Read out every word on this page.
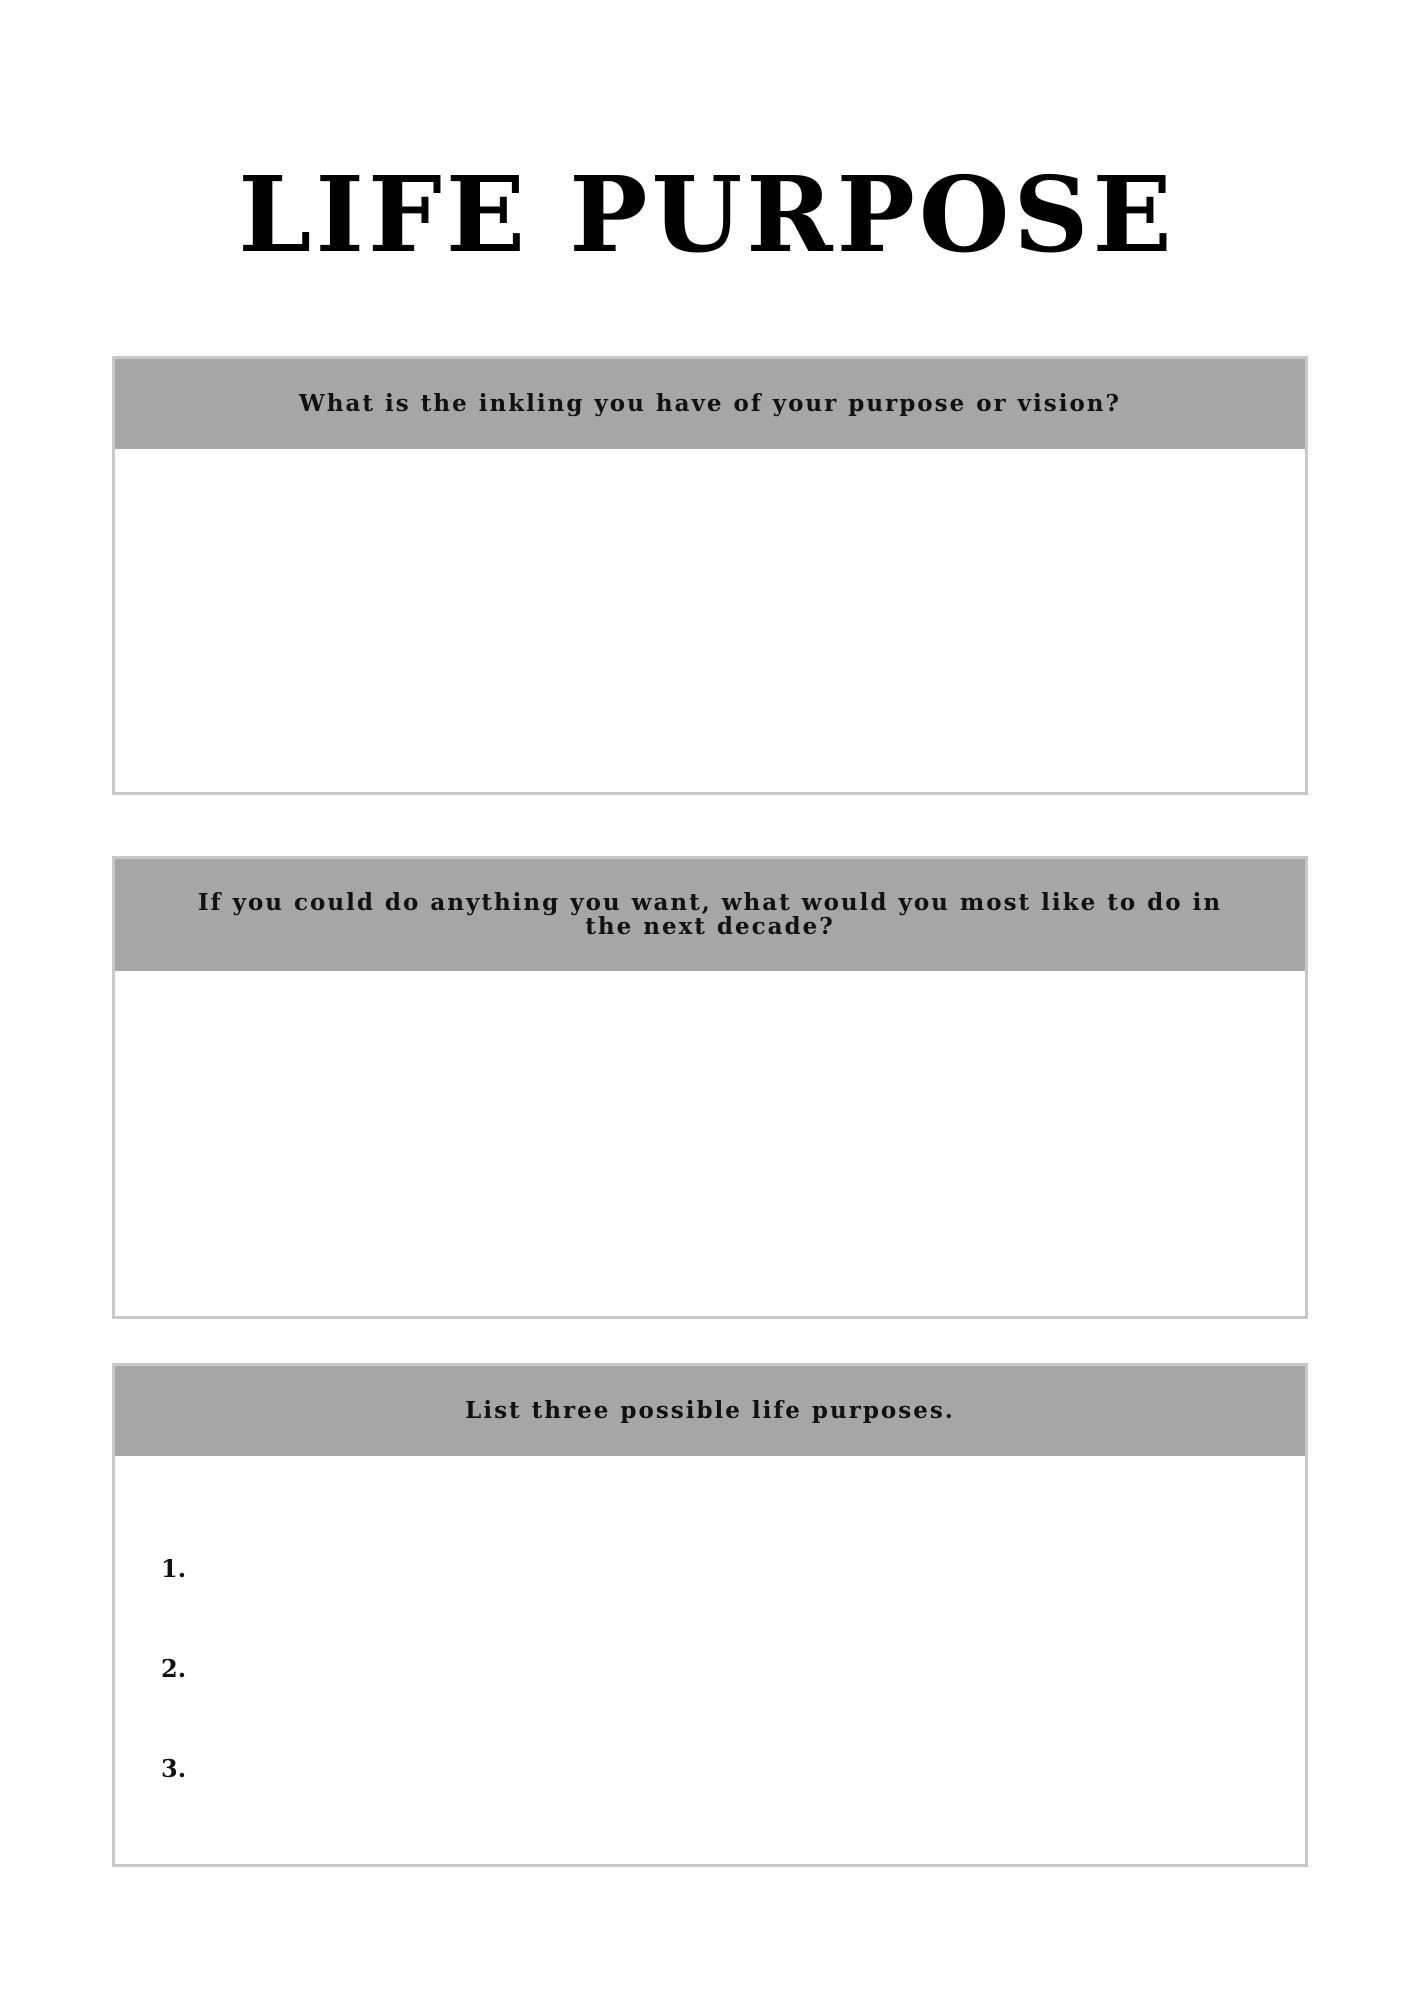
LIFE PURPOSE
What is the inkling you have of your purpose or vision?
If you could do anything you want, what would you most like to do in the next decade?
List three possible life purposes.
1.
2.
3.
